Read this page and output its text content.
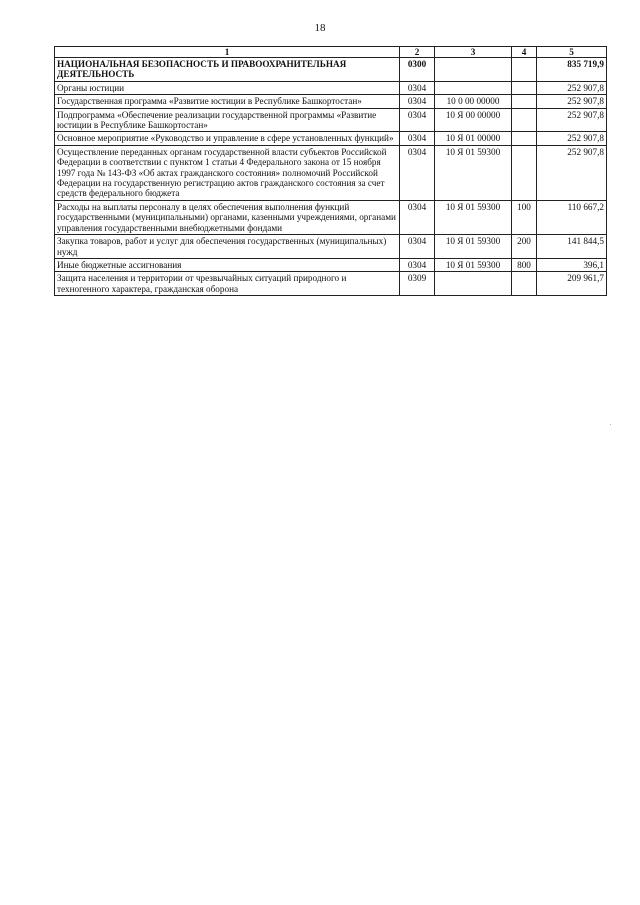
18
1	2	3	4	5
НАЦИОНАЛЬНАЯ БЕЗОПАСНОСТЬ И ПРАВООХРАНИТЕЛЬНАЯ ДЕЯТЕЛЬНОСТЬ	0300			835 719,9
Органы юстиции	0304			252 907,8
Государственная программа «Развитие юстиции в Республике Башкортостан»	0304	10 0 00 00000		252 907,8
Подпрограмма «Обеспечение реализации государственной программы «Развитие юстиции в Республике Башкортостан»	0304	10 Я 00 00000		252 907,8
Основное мероприятие «Руководство и управление в сфере установленных функций»	0304	10 Я 01 00000		252 907,8
Осуществление переданных органам государственной власти субъектов Российской Федерации в соответствии с пунктом 1 статьи 4 Федерального закона от 15 ноября 1997 года № 143-ФЗ «Об актах гражданского состояния» полномочий Российской Федерации на государственную регистрацию актов гражданского состояния за счет средств федерального бюджета	0304	10 Я 01 59300		252 907,8
Расходы на выплаты персоналу в целях обеспечения выполнения функций государственными (муниципальными) органами, казенными учреждениями, органами управления государственными внебюджетными фондами	0304	10 Я 01 59300	100	110 667,2
Закупка товаров, работ и услуг для обеспечения государственных (муниципальных) нужд	0304	10 Я 01 59300	200	141 844,5
Иные бюджетные ассигнования	0304	10 Я 01 59300	800	396,1
Защита населения и территории от чрезвычайных ситуаций природного и техногенного характера, гражданская оборона	0309			209 961,7
